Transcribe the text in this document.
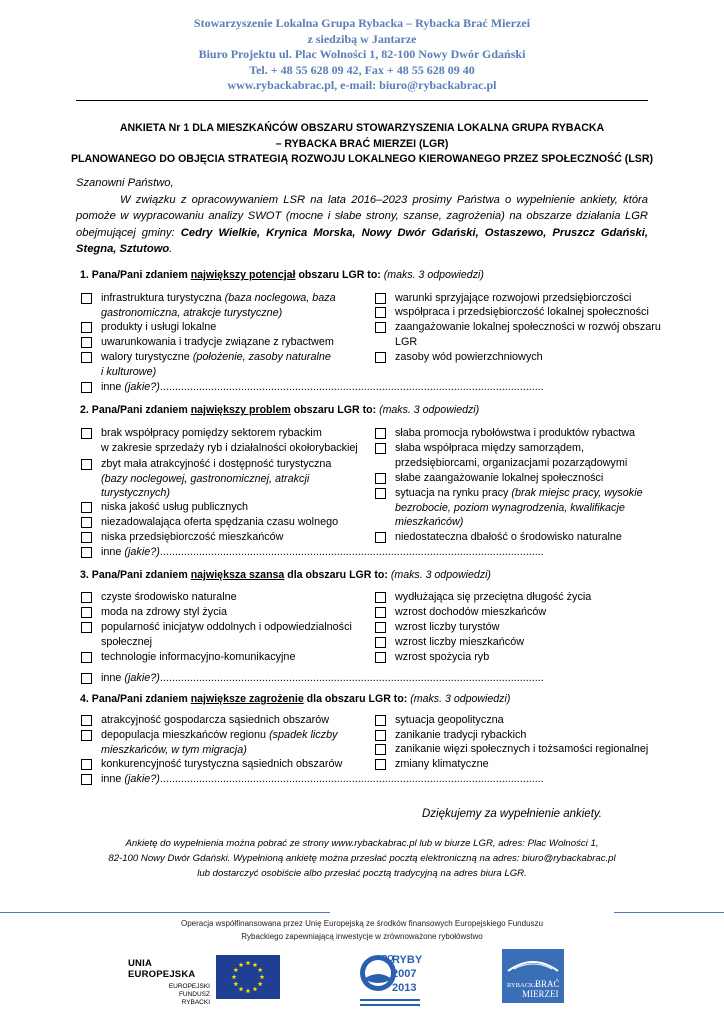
Stowarzyszenie Lokalna Grupa Rybacka – Rybacka Brać Mierzei
z siedzibą w Jantarze
Biuro Projektu ul. Plac Wolności 1, 82-100 Nowy Dwór Gdański
Tel. + 48 55 628 09 42, Fax + 48 55 628 09 40
www.rybackabrac.pl, e-mail: biuro@rybackabrac.pl
ANKIETA Nr 1 DLA MIESZKAŃCÓW OBSZARU STOWARZYSZENIA LOKALNA GRUPA RYBACKA
– RYBACKA BRAĆ MIERZEI (LGR)
PLANOWANEGO DO OBJĘCIA STRATEGIĄ ROZWOJU LOKALNEGO KIEROWANEGO PRZEZ SPOŁECZNOŚĆ (LSR)
Szanowni Państwo,
W związku z opracowywaniem LSR na lata 2016–2023 prosimy Państwa o wypełnienie ankiety, która pomoże w wypracowaniu analizy SWOT (mocne i słabe strony, szanse, zagrożenia) na obszarze działania LGR obejmującej gminy: Cedry Wielkie, Krynica Morska, Nowy Dwór Gdański, Ostaszewo, Pruszcz Gdański, Stegna, Sztutowo.
1. Pana/Pani zdaniem największy potencjał obszaru LGR to: (maks. 3 odpowiedzi)
infrastruktura turystyczna (baza noclegowa, baza
gastronomiczna, atrakcje turystyczne)
produkty i usługi lokalne
uwarunkowania i tradycje związane z rybactwem
walory turystyczne (położenie, zasoby naturalne
i kulturowe)
warunki sprzyjające rozwojowi przedsiębiorczości
współpraca i przedsiębiorczość lokalnej społeczności
zaangażowanie lokalnej społeczności w rozwój obszaru
LGR
zasoby wód powierzchniowych
inne (jakie?)................................................................................................................................
2. Pana/Pani zdaniem największy problem obszaru LGR to: (maks. 3 odpowiedzi)
brak współpracy pomiędzy sektorem rybackim
w zakresie sprzedaży ryb i działalności okołorybackiej
zbyt mała atrakcyjność i dostępność turystyczna
(bazy noclegowej, gastronomicznej, atrakcji
turystycznych)
niska jakość usług publicznych
niezadowalająca oferta spędzania czasu wolnego
niska przedsiębiorczość mieszkańców
słaba promocja rybołówstwa i produktów rybactwa
słaba współpraca między samorządem,
przedsiębiorcami, organizacjami pozarządowymi
słabe zaangażowanie lokalnej społeczności
sytuacja na rynku pracy (brak miejsc pracy, wysokie
bezrobocie, poziom wynagrodzenia, kwalifikacje
mieszkańców)
niedostateczna dbałość o środowisko naturalne
inne (jakie?)................................................................................................................................
3. Pana/Pani zdaniem największa szansa dla obszaru LGR to: (maks. 3 odpowiedzi)
czyste środowisko naturalne
moda na zdrowy styl życia
popularność inicjatyw oddolnych i odpowiedzialności
społecznej
technologie informacyjno-komunikacyjne
wydłużająca się przeciętna długość życia
wzrost dochodów mieszkańców
wzrost liczby turystów
wzrost liczby mieszkańców
wzrost spożycia ryb
inne (jakie?)................................................................................................................................
4. Pana/Pani zdaniem największe zagrożenie dla obszaru LGR to: (maks. 3 odpowiedzi)
atrakcyjność gospodarcza sąsiednich obszarów
depopulacja mieszkańców regionu (spadek liczby
mieszkańców, w tym migracja)
konkurencyjność turystyczna sąsiednich obszarów
sytuacja geopolityczna
zanikanie tradycji rybackich
zanikanie więzi społecznych i tożsamości regionalnej
zmiany klimatyczne
inne (jakie?)................................................................................................................................
Dziękujemy za wypełnienie ankiety.
Ankietę do wypełnienia można pobrać ze strony www.rybackabrac.pl lub w biurze LGR, adres: Plac Wolności 1,
82-100 Nowy Dwór Gdański. Wypełnioną ankietę można przesłać pocztą elektroniczną na adres: biuro@rybackabrac.pl
lub dostarczyć osobiście albo przesłać pocztą tradycyjną na adres biura LGR.
Operacja współfinansowana przez Unię Europejską ze środków finansowych Europejskiego Funduszu
Rybackiego zapewniającą inwestycje w zrównoważone rybołówstwo
UNIA EUROPEJSKA
EUROPEJSKI
FUNDUSZ
RYBACKI
PO
RYBY
2007
2013	RYBACKA
BRAĆ
MIERZEI
